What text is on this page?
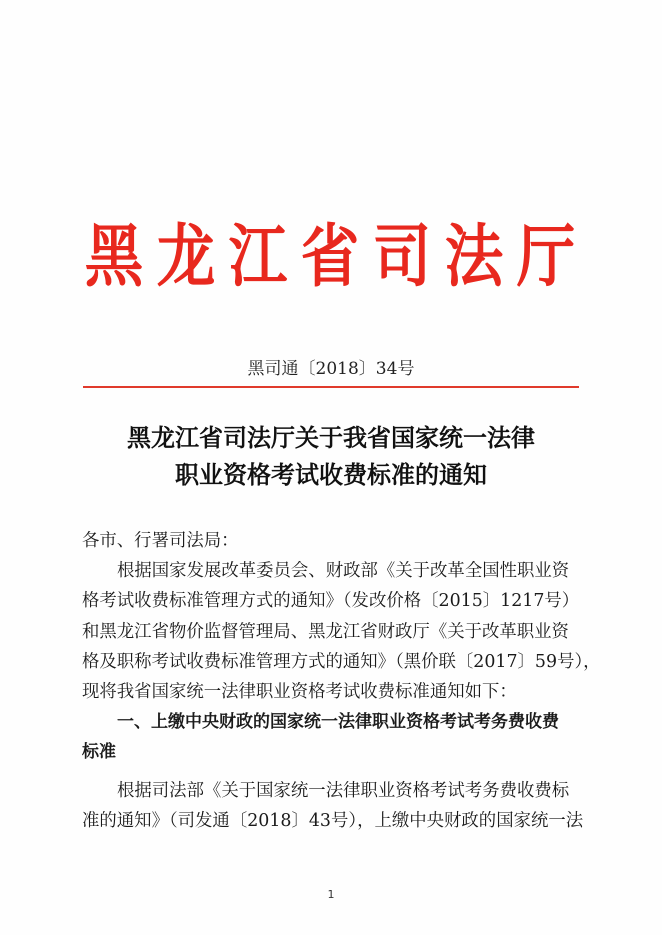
黑 龙 江 省 司 法 厅
黑司通〔2018〕34号
黑龙江省司法厅关于我省国家统一法律
职业资格考试收费标准的通知
各市、行署司法局：
根据国家发展改革委员会、财政部《关于改革全国性职业资
格考试收费标准管理方式的通知》（发改价格〔2015〕1217号）
和黑龙江省物价监督管理局、黑龙江省财政厅《关于改革职业资
格及职称考试收费标准管理方式的通知》（黑价联〔2017〕59号），
现将我省国家统一法律职业资格考试收费标准通知如下：
一、上缴中央财政的国家统一法律职业资格考试考务费收费
标准
根据司法部《关于国家统一法律职业资格考试考务费收费标
准的通知》（司发通〔2018〕43号），上缴中央财政的国家统一法
1
